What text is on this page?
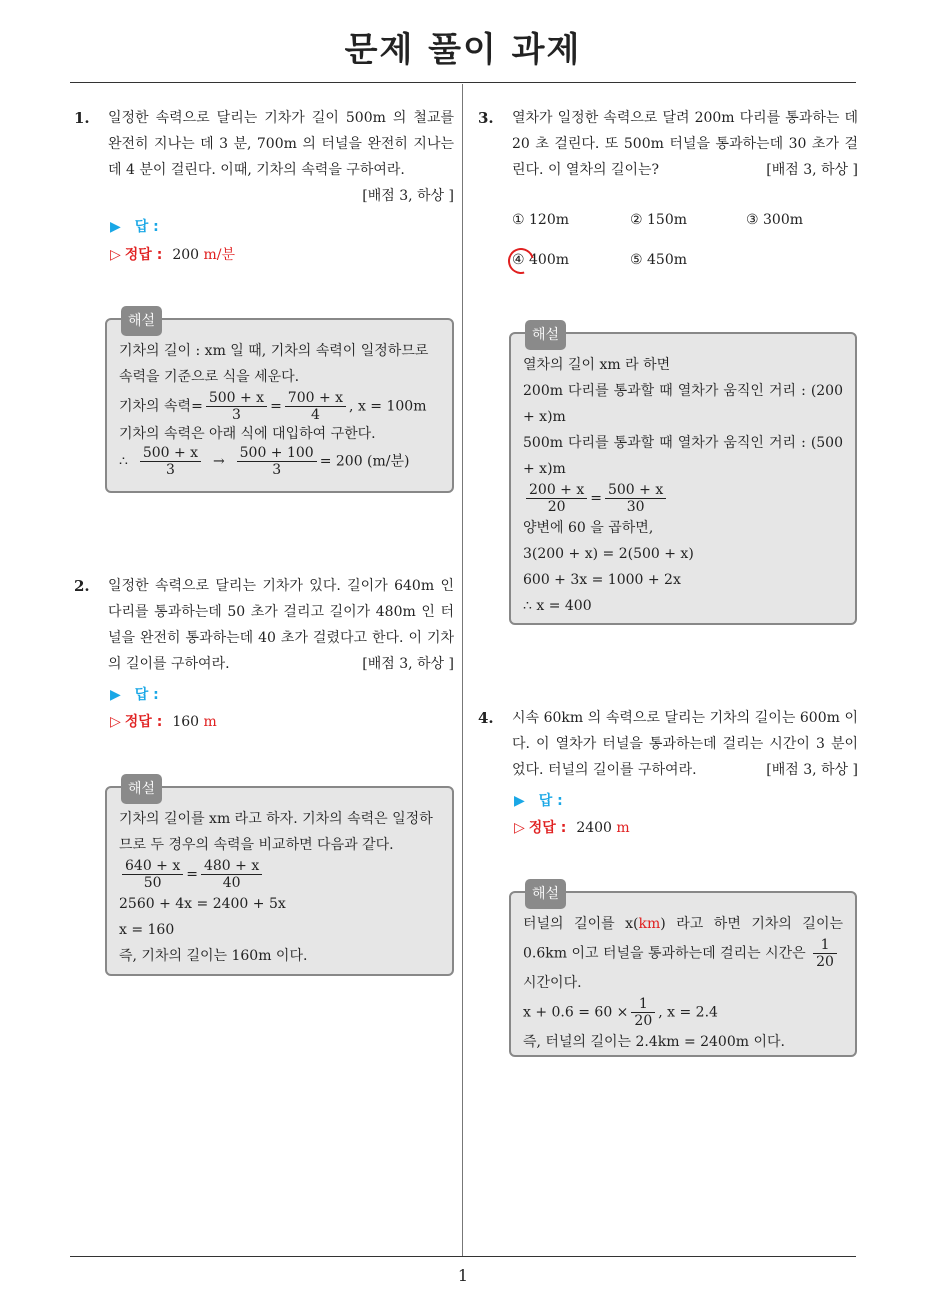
문제 풀이 과제
1. 일정한 속력으로 달리는 기차가 길이 500m 의 철교를 완전히 지나는 데 3 분, 700m 의 터널을 완전히 지나는 데 4 분이 걸린다. 이때, 기차의 속력을 구하여라.
[배점 3, 하상 ]
▶ 답 :
▷ 정답 : 200 m/분
해설
기차의 길이 : xm 일 때, 기차의 속력이 일정하므로 속력을 기준으로 식을 세운다.
기차의 속력= $\frac{500 + x}{3} = \frac{700 + x}{4}$ , x = 100m
기차의 속력은 아래 식에 대입하여 구한다.
∴ $\frac{500 + x}{3} \to \frac{500 + 100}{3} = 200$ (m/분)
2. 일정한 속력으로 달리는 기차가 있다. 길이가 640m 인 다리를 통과하는데 50 초가 걸리고 길이가 480m 인 터널을 완전히 통과하는데 40 초가 걸렸다고 한다. 이 기차의 길이를 구하여라.	[배점 3, 하상 ]
▶ 답 :
▷ 정답 : 160 m
해설
기차의 길이를 xm 라고 하자. 기차의 속력은 일정하므로 두 경우의 속력을 비교하면 다음과 같다.
$\frac{640 + x}{50} = \frac{480 + x}{40}$
2560 + 4x = 2400 + 5x
x = 160
즉, 기차의 길이는 160m 이다.
3. 열차가 일정한 속력으로 달려 200m 다리를 통과하는 데 20 초 걸린다. 또 500m 터널을 통과하는데 30 초가 걸린다. 이 열차의 길이는?	[배점 3, 하상 ]
① 120m	② 150m	③ 300m
④ 400m	⑤ 450m
해설
열차의 길이 xm 라 하면
200m 다리를 통과할 때 열차가 움직인 거리 : (200 + x)m
500m 다리를 통과할 때 열차가 움직인 거리 : (500 + x)m
$\frac{200 + x}{20} = \frac{500 + x}{30}$
양변에 60 을 곱하면,
3(200 + x) = 2(500 + x)
600 + 3x = 1000 + 2x
∴ x = 400
4. 시속 60km 의 속력으로 달리는 기차의 길이는 600m 이다. 이 열차가 터널을 통과하는데 걸리는 시간이 3 분이었다. 터널의 길이를 구하여라.	[배점 3, 하상 ]
▶ 답 :
▷ 정답 : 2400 m
해설
터널의 길이를 x(km) 라고 하면 기차의 길이는 0.6km 이고 터널을 통과하는데 걸리는 시간은 $\frac{1}{20}$
시간이다.
$x + 0.6 = 60 \times \frac{1}{20}$ , x = 2.4
즉, 터널의 길이는 2.4km = 2400m 이다.
1
